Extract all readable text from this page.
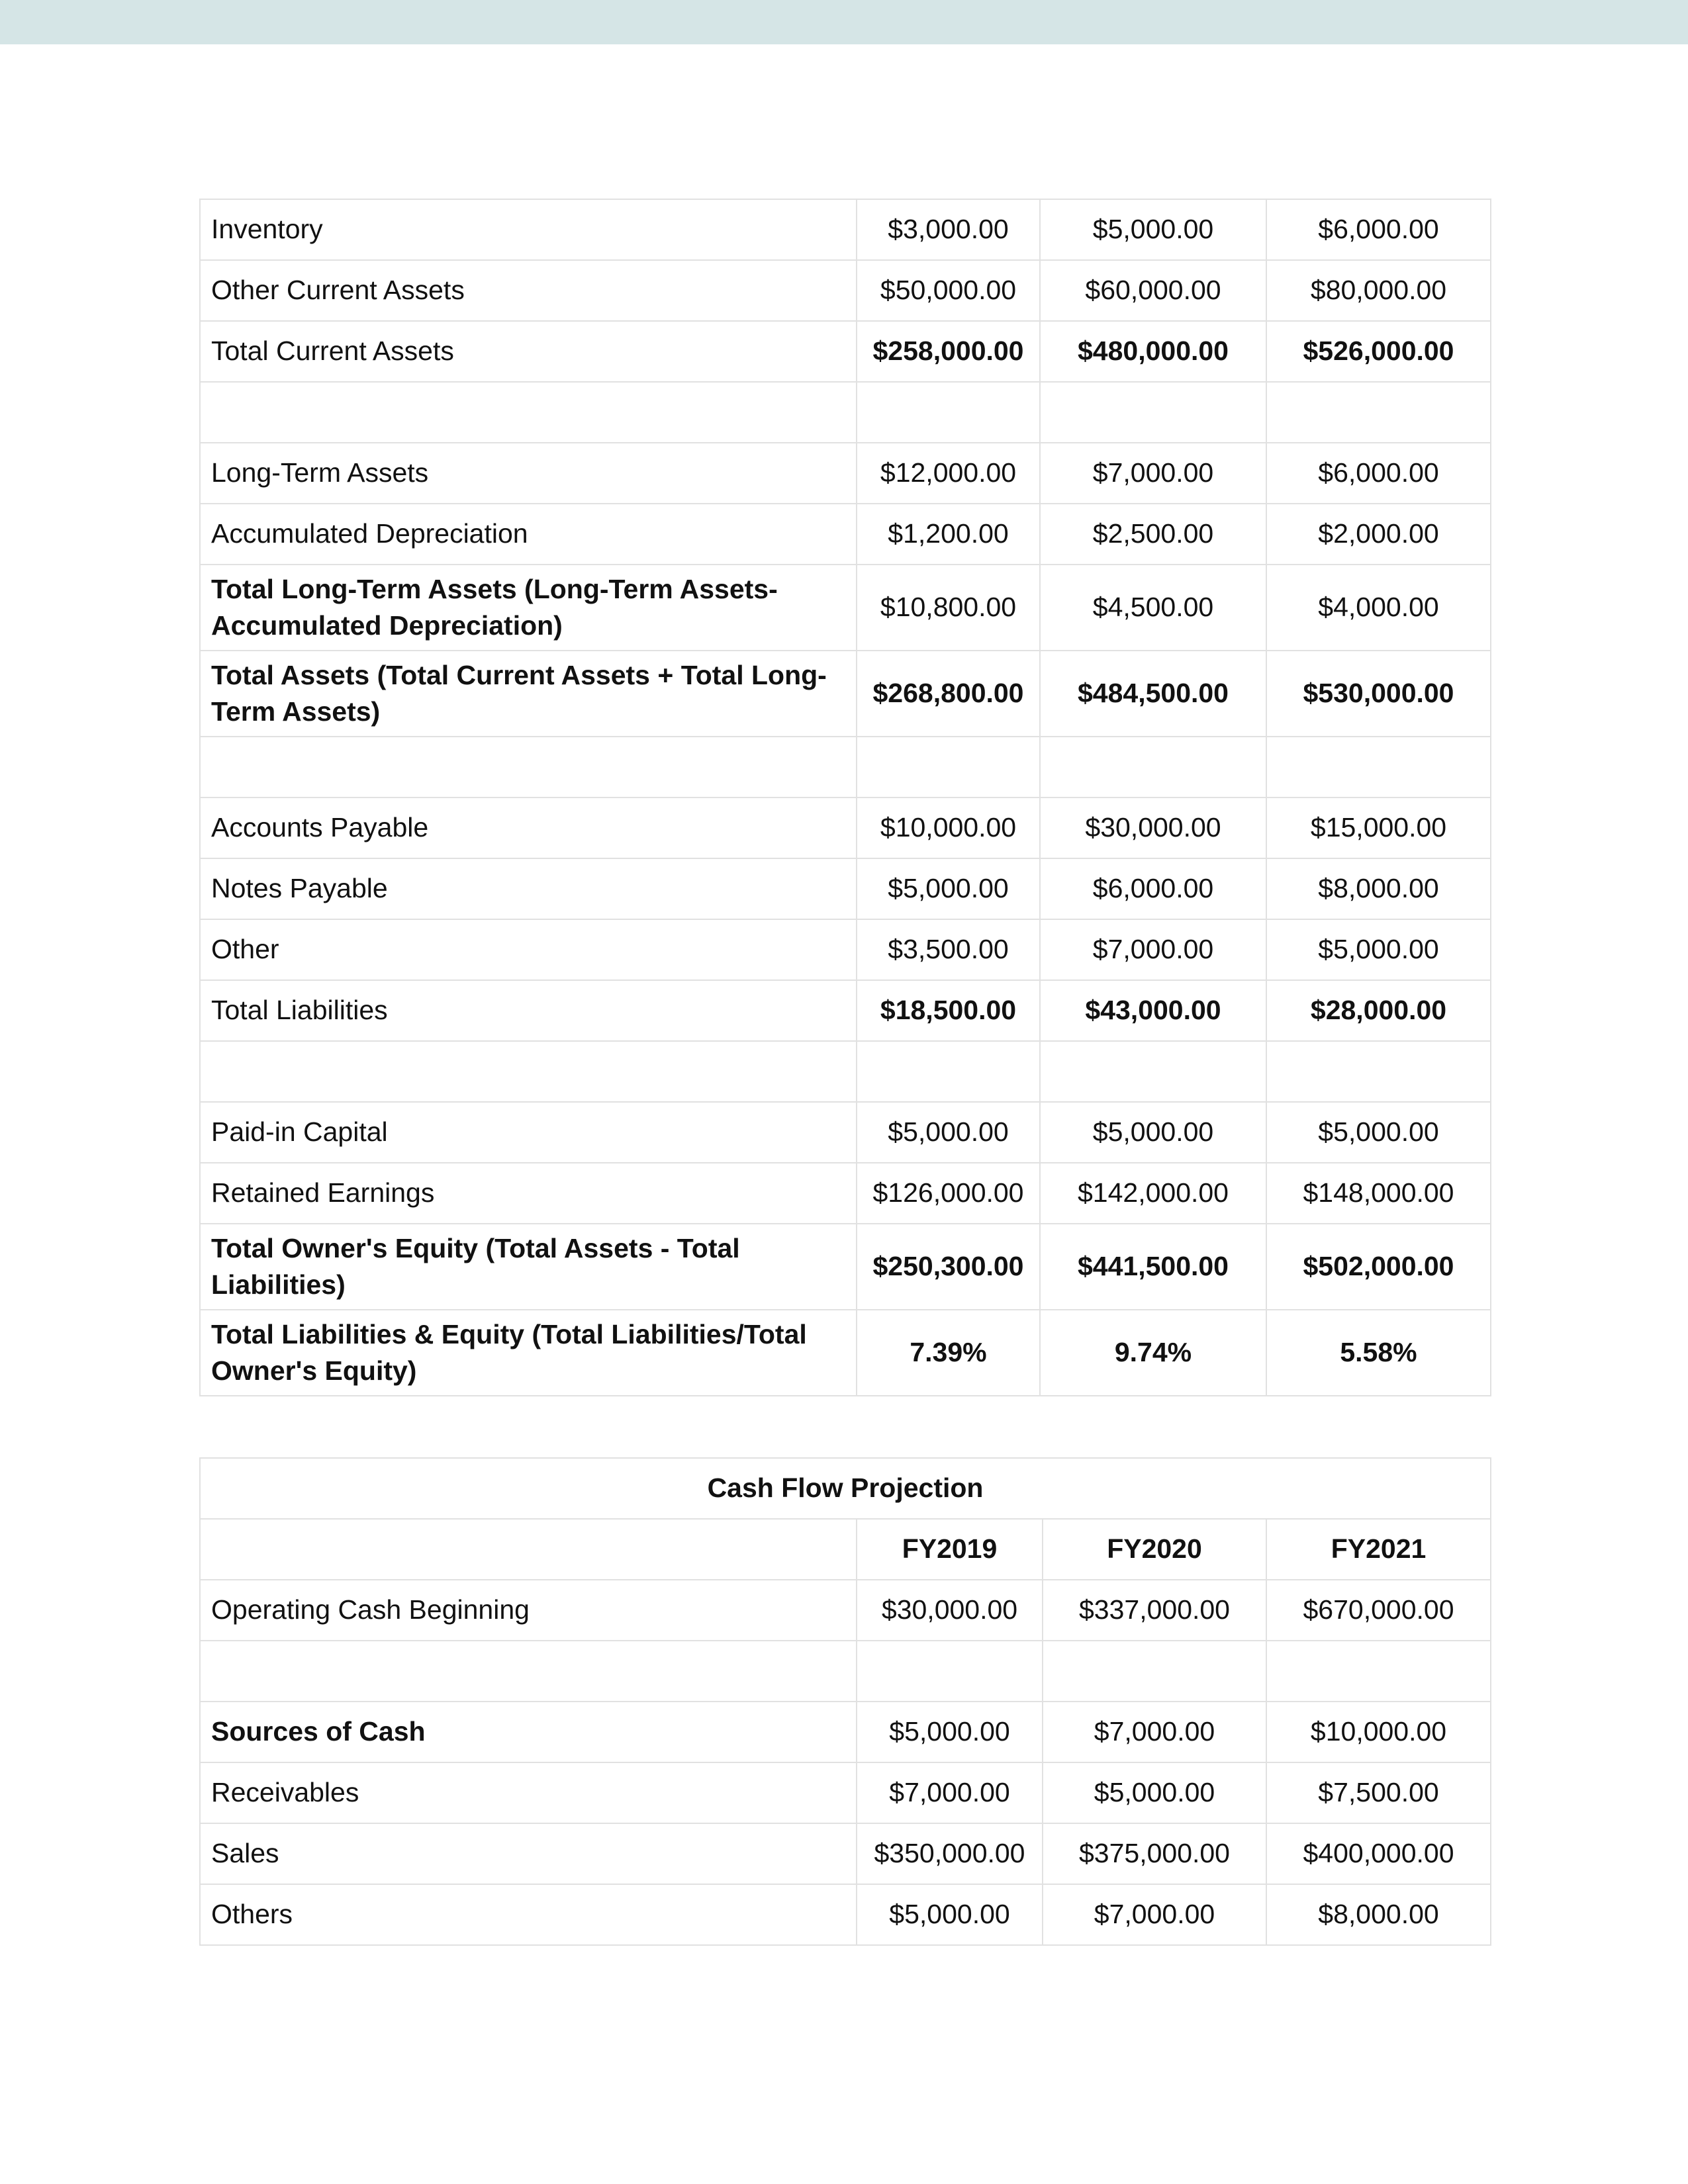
Inventory	$3,000.00	$5,000.00	$6,000.00
Other Current Assets	$50,000.00	$60,000.00	$80,000.00
Total Current Assets	$258,000.00	$480,000.00	$526,000.00

Long-Term Assets	$12,000.00	$7,000.00	$6,000.00
Accumulated Depreciation	$1,200.00	$2,500.00	$2,000.00
Total Long-Term Assets (Long-Term Assets- Accumulated Depreciation)	$10,800.00	$4,500.00	$4,000.00
Total Assets (Total Current Assets + Total Long- Term Assets)	$268,800.00	$484,500.00	$530,000.00

Accounts Payable	$10,000.00	$30,000.00	$15,000.00
Notes Payable	$5,000.00	$6,000.00	$8,000.00
Other	$3,500.00	$7,000.00	$5,000.00
Total Liabilities	$18,500.00	$43,000.00	$28,000.00

Paid-in Capital	$5,000.00	$5,000.00	$5,000.00
Retained Earnings	$126,000.00	$142,000.00	$148,000.00
Total Owner's Equity (Total Assets - Total Liabilities)	$250,300.00	$441,500.00	$502,000.00
Total Liabilities & Equity (Total Liabilities/Total Owner's Equity)	7.39%	9.74%	5.58%
Cash Flow Projection			
	FY2019	FY2020	FY2021
Operating Cash Beginning	$30,000.00	$337,000.00	$670,000.00

Sources of Cash	$5,000.00	$7,000.00	$10,000.00
Receivables	$7,000.00	$5,000.00	$7,500.00
Sales	$350,000.00	$375,000.00	$400,000.00
Others	$5,000.00	$7,000.00	$8,000.00
